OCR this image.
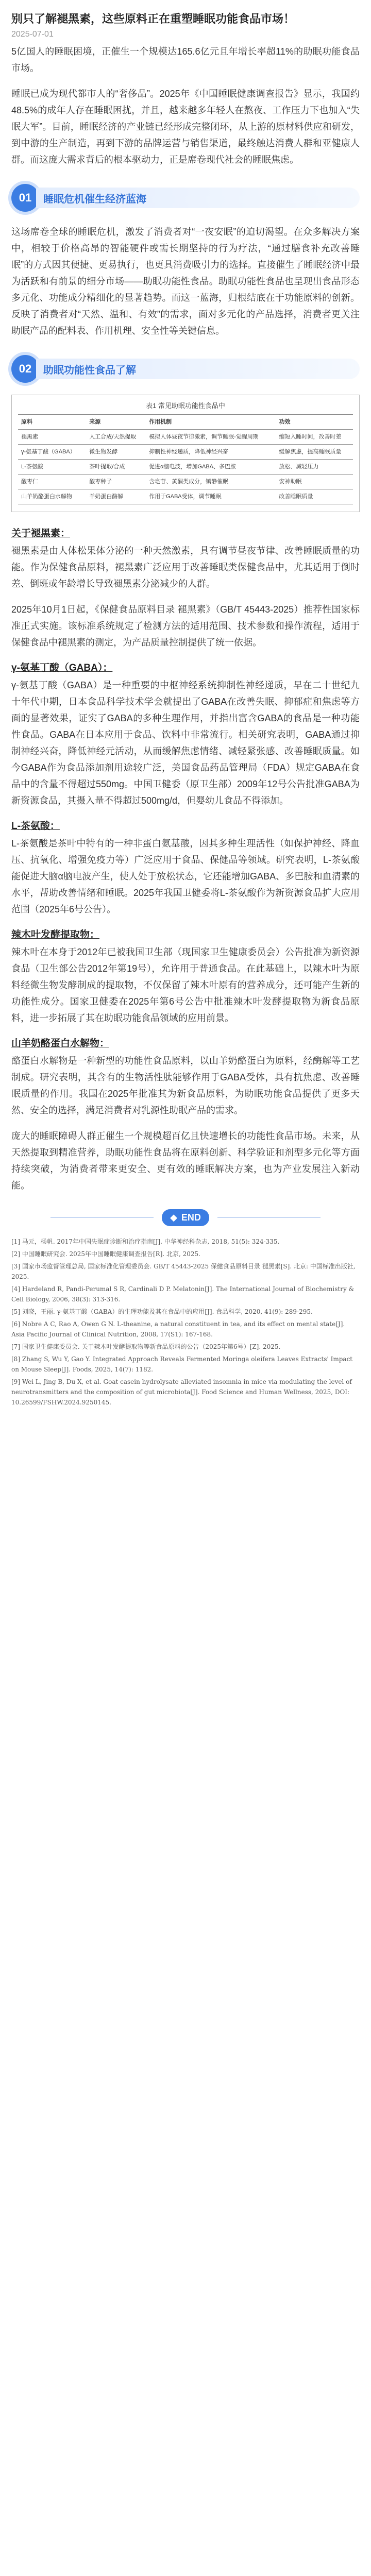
别只了解褪黑素，这些原料正在重塑睡眠功能食品市场！
2025-07-01

5亿国人的睡眠困境，正催生一个规模达165.6亿元且年增长率超11%的助眠功能食品市场。

睡眠已成为现代都市人的“奢侈品”。2025年《中国睡眠健康调查报告》显示，我国约48.5%的成年人存在睡眠困扰，并且，越来越多年轻人在熬夜、工作压力下也加入“失眠大军”。目前，睡眠经济的产业链已经形成完整闭环，从上游的原材料供应和研发，到中游的生产制造，再到下游的品牌运营与销售渠道，最终触达消费人群和亚健康人群。而这庞大需求背后的根本驱动力，正是席卷现代社会的睡眠焦虑。

01	睡眠危机催生经济蓝海

这场席卷全球的睡眠危机，激发了消费者对“一夜安眠”的迫切渴望。在众多解决方案中，相较于价格高昂的智能硬件或需长期坚持的行为疗法，“通过膳食补充改善睡眠”的方式因其便捷、更易执行，也更具消费吸引力的选择。直接催生了睡眠经济中最为活跃和有前景的细分市场——助眠功能性食品。助眠功能性食品也呈现出食品形态多元化、功能成分精细化的显著趋势。而这一蓝海，归根结底在于功能原料的创新。反映了消费者对“天然、温和、有效”的需求，面对多元化的产品选择，消费者更关注助眠产品的配料表、作用机理、安全性等关键信息。

02	助眠功能性食品了解
表1 常见助眠功能性食品中
原料	来源	作用机制	功效
褪黑素	人工合成/天然提取	模拟人体昼夜节律激素，调节睡眠-觉醒周期	缩短入睡时间，改善时差
γ-氨基丁酸（GABA）	微生物发酵	抑制性神经递质，降低神经兴奋	缓解焦虑，提高睡眠质量
L-茶氨酸	茶叶提取/合成	促进α脑电波，增加GABA、多巴胺	放松、减轻压力
酸枣仁	酸枣种子	含皂苷、黄酮类成分，镇静催眠	安神助眠
山羊奶酪蛋白水解物	羊奶蛋白酶解	作用于GABA受体，调节睡眠	改善睡眠质量
关于褪黑素：

褪黑素是由人体松果体分泌的一种天然激素，具有调节昼夜节律、改善睡眠质量的功能。作为保健食品原料，褪黑素广泛应用于改善睡眠类保健食品中，尤其适用于倒时差、倒班或年龄增长导致褪黑素分泌减少的人群。

2025年10月1日起，《保健食品原料目录 褪黑素》（GB/T 45443-2025）推荐性国家标准正式实施。该标准系统规定了检测方法的适用范围、技术参数和操作流程，适用于保健食品中褪黑素的测定，为产品质量控制提供了统一依据。

γ-氨基丁酸（GABA）：

γ-氨基丁酸（GABA）是一种重要的中枢神经系统抑制性神经递质，早在二十世纪九十年代中期，日本食品科学技术学会就提出了GABA在改善失眠、抑郁症和焦虑等方面的显著效果，证实了GABA的多种生理作用，并指出富含GABA的食品是一种功能性食品。GABA在日本应用于食品、饮料中非常流行。相关研究表明，GABA通过抑制神经兴奋，降低神经元活动，从而缓解焦虑情绪、减轻紧张感、改善睡眠质量。如今GABA作为食品添加剂用途较广泛，美国食品药品管理局（FDA）规定GABA在食品中的含量不得超过550mg。中国卫健委（原卫生部）2009年12号公告批准GABA为新资源食品，其摄入量不得超过500mg/d，但婴幼儿食品不得添加。

L-茶氨酸：

L-茶氨酸是茶叶中特有的一种非蛋白氨基酸，因其多种生理活性（如保护神经、降血压、抗氧化、增强免疫力等）广泛应用于食品、保健品等领域。研究表明，L-茶氨酸能促进大脑α脑电波产生，使人处于放松状态，它还能增加GABA、多巴胺和血清素的水平，帮助改善情绪和睡眠。2025年我国卫健委将L-茶氨酸作为新资源食品扩大应用范围（2025年6号公告）。

辣木叶发酵提取物：

辣木叶在本身于2012年已被我国卫生部（现国家卫生健康委员会）公告批准为新资源食品（卫生部公告2012年第19号），允许用于普通食品。在此基础上，以辣木叶为原料经微生物发酵制成的提取物，不仅保留了辣木叶原有的营养成分，还可能产生新的功能性成分。国家卫健委在2025年第6号公告中批准辣木叶发酵提取物为新食品原料，进一步拓展了其在助眠功能食品领域的应用前景。

山羊奶酪蛋白水解物：

酪蛋白水解物是一种新型的功能性食品原料，以山羊奶酪蛋白为原料，经酶解等工艺制成。研究表明，其含有的生物活性肽能够作用于GABA受体，具有抗焦虑、改善睡眠质量的作用。我国在2025年批准其为新食品原料，为助眠功能食品提供了更多天然、安全的选择，满足消费者对乳源性助眠产品的需求。

庞大的睡眠障碍人群正催生一个规模超百亿且快速增长的功能性食品市场。未来，从天然提取到精准营养，助眠功能性食品将在原料创新、科学验证和剂型多元化等方面持续突破，为消费者带来更安全、更有效的睡眠解决方案，也为产业发展注入新动能。

◆ END
[1] 马元，杨帆. 2017年中国失眠症诊断和治疗指南[J]. 中华神经科杂志, 2018, 51(5): 324-335.
[2] 中国睡眠研究会. 2025年中国睡眠健康调查报告[R]. 北京, 2025.
[3] 国家市场监督管理总局, 国家标准化管理委员会. GB/T 45443-2025 保健食品原料目录 褪黑素[S]. 北京: 中国标准出版社, 2025.
[4] Hardeland R, Pandi-Perumal S R, Cardinali D P. Melatonin[J]. The International Journal of Biochemistry & Cell Biology, 2006, 38(3): 313-316.
[5] 刘晓，王丽. γ-氨基丁酸（GABA）的生理功能及其在食品中的应用[J]. 食品科学, 2020, 41(9): 289-295.
[6] Nobre A C, Rao A, Owen G N. L-theanine, a natural constituent in tea, and its effect on mental state[J]. Asia Pacific Journal of Clinical Nutrition, 2008, 17(S1): 167-168.
[7] 国家卫生健康委员会. 关于辣木叶发酵提取物等新食品原料的公告（2025年第6号）[Z]. 2025.
[8] Zhang S, Wu Y, Gao Y. Integrated Approach Reveals Fermented Moringa oleifera Leaves Extracts' Impact on Mouse Sleep[J]. Foods, 2025, 14(7): 1182.
[9] Wei L, Jing B, Du X, et al. Goat casein hydrolysate alleviated insomnia in mice via modulating the level of neurotransmitters and the composition of gut microbiota[J]. Food Science and Human Wellness, 2025, DOI: 10.26599/FSHW.2024.9250145.
